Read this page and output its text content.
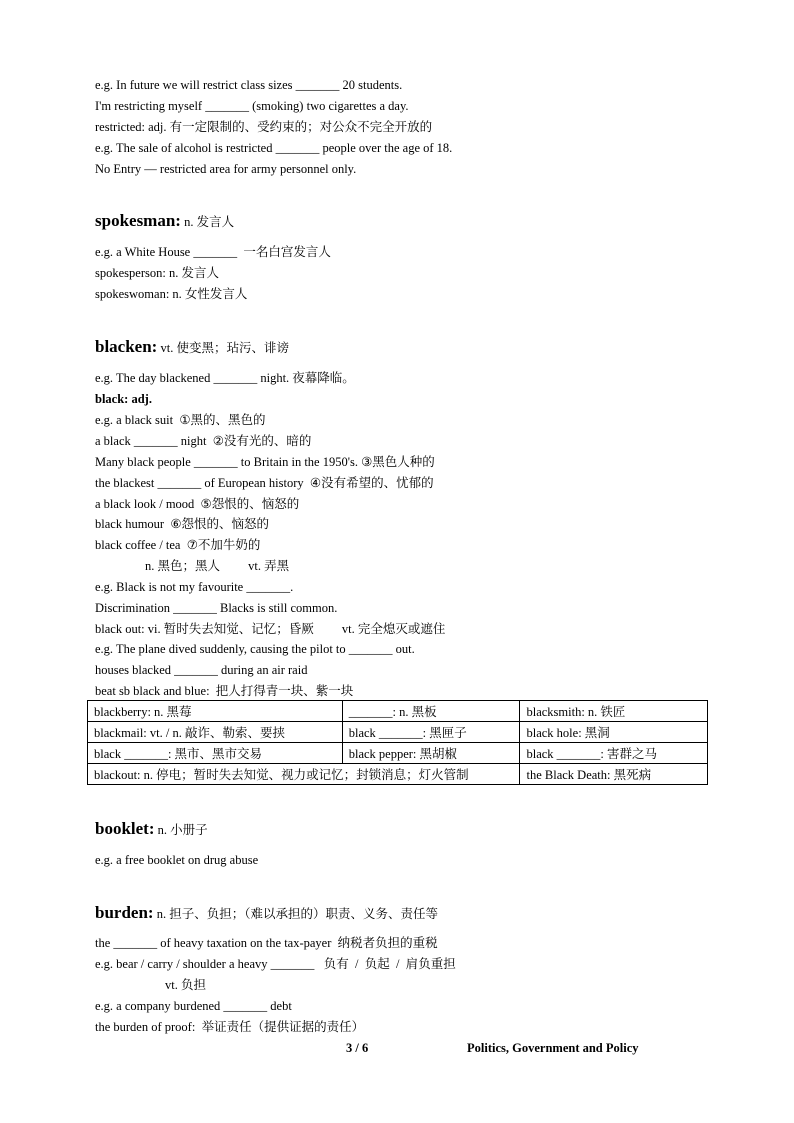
e.g. In future we will restrict class sizes _______ 20 students.
I'm restricting myself _______ (smoking) two cigarettes a day.
restricted: adj. 有一定限制的、受约束的；对公众不完全开放的
e.g. The sale of alcohol is restricted _______ people over the age of 18.
No Entry — restricted area for army personnel only.
spokesman: n. 发言人
e.g. a White House _______  一名白宫发言人
spokesperson: n. 发言人
spokeswoman: n. 女性发言人
blacken: vt. 使变黑；玷污、诽谤
e.g. The day blackened _______ night. 夜幕降临。
black: adj.
e.g. a black suit  ①黑的、黑色的
a black _______ night  ②没有光的、暗的
Many black people _______ to Britain in the 1950's. ③黑色人种的
the blackest _______ of European history  ④没有希望的、忧郁的
a black look / mood  ⑤怨恨的、恼怒的
black humour  ⑥怨恨的、恼怒的
black coffee / tea  ⑦不加牛奶的
n. 黑色；黑人         vt. 弄黑
e.g. Black is not my favourite _______.
Discrimination _______ Blacks is still common.
black out: vi. 暂时失去知觉、记忆；昏厥         vt. 完全熄灭或遮住
e.g. The plane dived suddenly, causing the pilot to _______ out.
houses blacked _______ during an air raid
beat sb black and blue:  把人打得青一块、紫一块
blackberry: n. 黑莓	_______: n. 黑板	blacksmith: n. 铁匠
blackmail: vt. / n. 敲诈、勒索、要挟	black _______: 黑匣子	black hole: 黑洞
black _______: 黑市、黑市交易	black pepper: 黑胡椒	black _______: 害群之马
blackout: n. 停电；暂时失去知觉、视力或记忆；封锁消息；灯火管制		the Black Death: 黑死病
booklet: n. 小册子
e.g. a free booklet on drug abuse
burden: n. 担子、负担；（难以承担的）职责、义务、责任等
the _______ of heavy taxation on the tax-payer  纳税者负担的重税
e.g. bear / carry / shoulder a heavy _______   负有  /  负起  /  肩负重担
vt. 负担
e.g. a company burdened _______ debt
the burden of proof:  举证责任（提供证据的责任）
3 / 6	Politics, Government and Policy
